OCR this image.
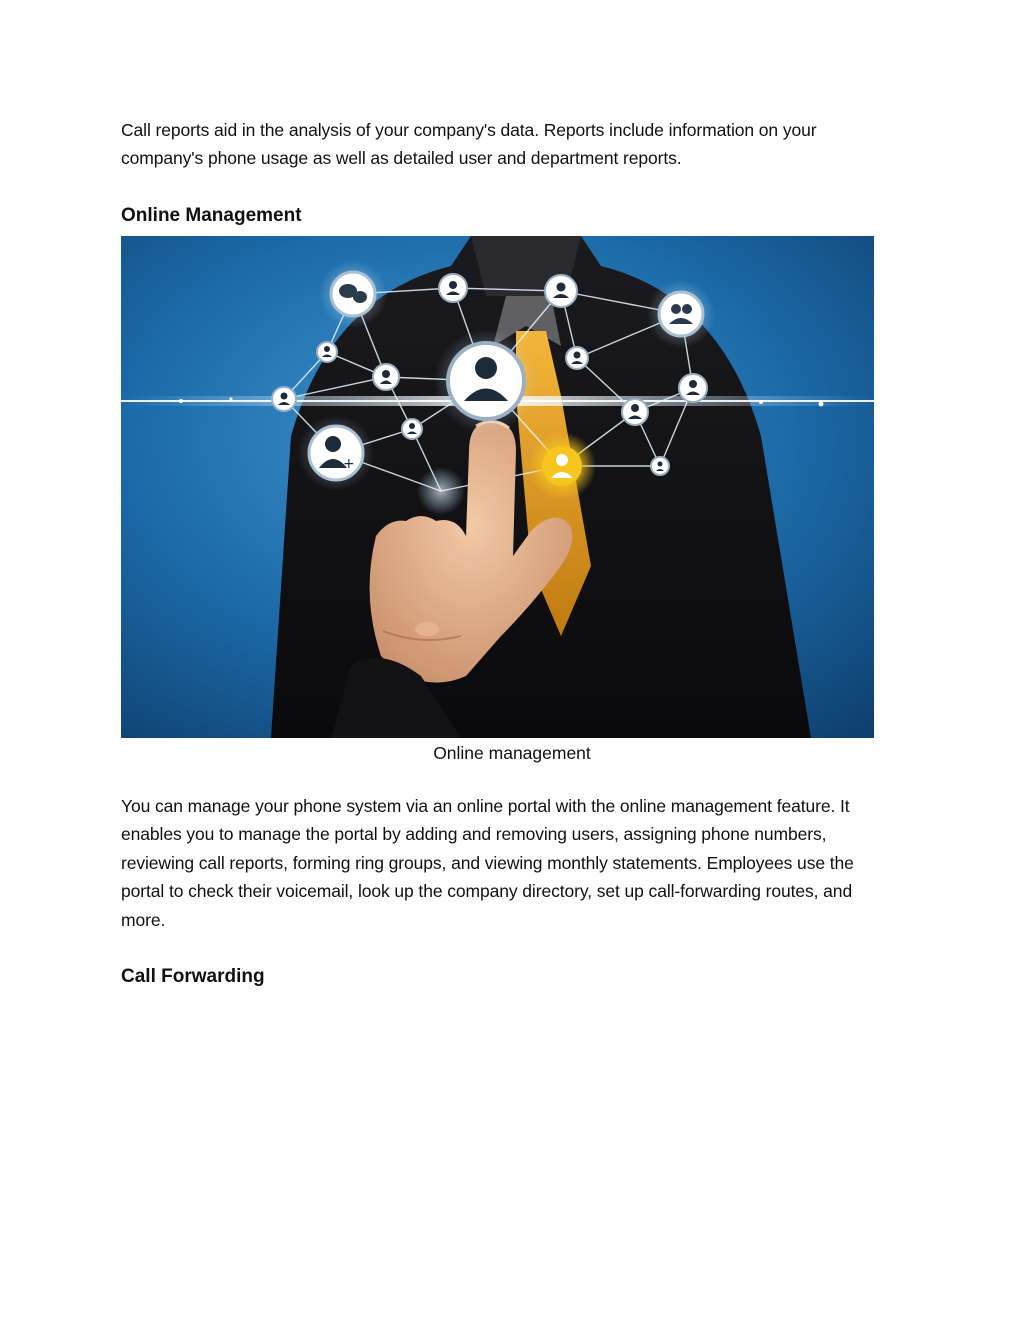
Call reports aid in the analysis of your company's data. Reports include information on your company's phone usage as well as detailed user and department reports.

Online Management
+

Online management

You can manage your phone system via an online portal with the online management feature. It enables you to manage the portal by adding and removing users, assigning phone numbers, reviewing call reports, forming ring groups, and viewing monthly statements. Employees use the portal to check their voicemail, look up the company directory, set up call-forwarding routes, and more.

Call Forwarding
